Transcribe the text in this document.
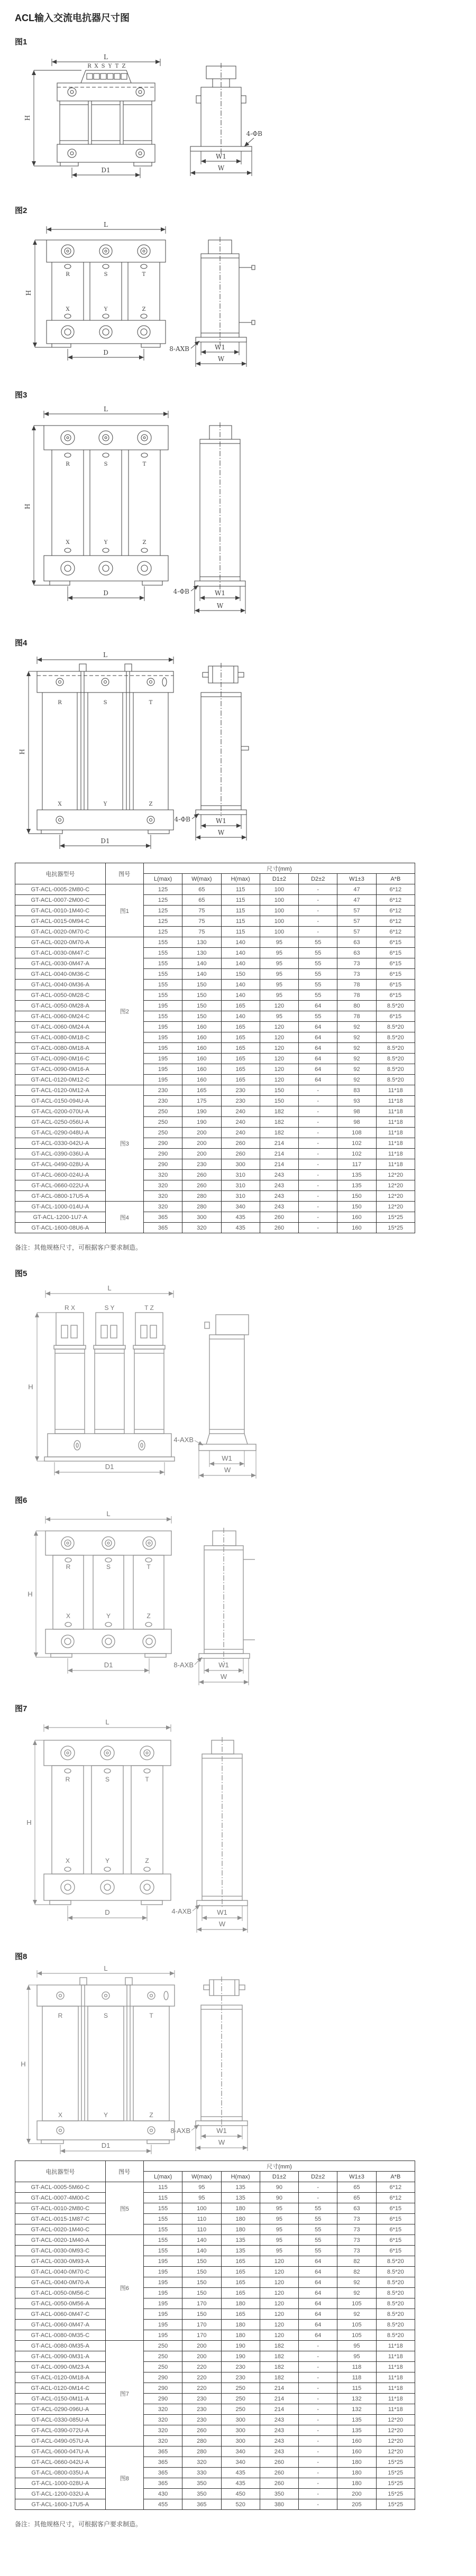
ACL输入交流电抗器尺寸图
图1
L
R X S Y T Z
D1
H
4-ΦB
W1
W
图2
L
R	S	T
X	Y	Z
H
D	8-AXB	W1
W
图3
L
R	S	T
X	Y	Z
H
D	4-ΦB	W1
W
图4
L
R	S	T
X	Y	Z
H
D1
4-ΦB	W1
W
电抗器型号	图号	尺寸(mm)						
		L(max)	W(max)	H(max)	D1±2	D2±2	W1±3	A*B
GT-ACL-0005-2M80-C	图1	125	65	115	100	-	47	6*12
GT-ACL-0007-2M00-C		125	65	115	100	-	47	6*12
GT-ACL-0010-1M40-C		125	75	115	100	-	57	6*12
GT-ACL-0015-0M94-C		125	75	115	100	-	57	6*12
GT-ACL-0020-0M70-C		125	75	115	100	-	57	6*12
GT-ACL-0020-0M70-A	图2	155	130	140	95	55	63	6*15
GT-ACL-0030-0M47-C		155	130	140	95	55	63	6*15
GT-ACL-0030-0M47-A		155	140	140	95	55	73	6*15
GT-ACL-0040-0M36-C		155	140	150	95	55	73	6*15
GT-ACL-0040-0M36-A		155	150	140	95	55	78	6*15
GT-ACL-0050-0M28-C		155	150	140	95	55	78	6*15
GT-ACL-0050-0M28-A		195	150	165	120	64	80	8.5*20
GT-ACL-0060-0M24-C		155	150	140	95	55	78	6*15
GT-ACL-0060-0M24-A		195	160	165	120	64	92	8.5*20
GT-ACL-0080-0M18-C		195	160	165	120	64	92	8.5*20
GT-ACL-0080-0M18-A		195	160	165	120	64	92	8.5*20
GT-ACL-0090-0M16-C		195	160	165	120	64	92	8.5*20
GT-ACL-0090-0M16-A		195	160	165	120	64	92	8.5*20
GT-ACL-0120-0M12-C		195	160	165	120	64	92	8.5*20
GT-ACL-0120-0M12-A	图3	230	165	230	150	-	83	11*18
GT-ACL-0150-094U-A		230	175	230	150	-	93	11*18
GT-ACL-0200-070U-A		250	190	240	182	-	98	11*18
GT-ACL-0250-056U-A		250	190	240	182	-	98	11*18
GT-ACL-0290-048U-A		250	200	240	182	-	108	11*18
GT-ACL-0330-042U-A		290	200	260	214	-	102	11*18
GT-ACL-0390-036U-A		290	200	260	214	-	102	11*18
GT-ACL-0490-028U-A		290	230	300	214	-	117	11*18
GT-ACL-0600-024U-A		320	260	310	243	-	135	12*20
GT-ACL-0660-022U-A		320	260	310	243	-	135	12*20
GT-ACL-0800-17U5-A		320	280	310	243	-	150	12*20
GT-ACL-1000-014U-A	图4	320	280	340	243	-	150	12*20
GT-ACL-1200-1U7-A		365	300	435	260	-	160	15*25
GT-ACL-1600-08U6-A		365	320	435	260	-	160	15*25
备注：其他规格尺寸，可根据客户要求制造。
图5
L
R X	S Y	T Z
H
D1
4-AXB
W1
W
图6
L
R	S	T
X	Y	Z
H
D1	8-AXB	W1
W
图7
L
R	S	T
X	Y	Z
H
D	4-AXB	W1
W
图8
L
R	S	T
X	Y	Z
H
D1
8-AXB	W1
W
电抗器型号	图号	尺寸(mm)						
		L(max)	W(max)	H(max)	D1±2	D2±2	W1±3	A*B
GT-ACL-0005-5M60-C	图5	115	95	135	90	-	65	6*12
GT-ACL-0007-4M00-C		115	95	135	90	-	65	6*12
GT-ACL-0010-2M80-C		155	100	180	95	55	63	6*15
GT-ACL-0015-1M87-C		155	110	180	95	55	73	6*15
GT-ACL-0020-1M40-C		155	110	180	95	55	73	6*15
GT-ACL-0020-1M40-A	图6	155	140	135	95	55	73	6*15
GT-ACL-0030-0M93-C		155	140	135	95	55	73	6*15
GT-ACL-0030-0M93-A		195	150	165	120	64	82	8.5*20
GT-ACL-0040-0M70-C		195	150	165	120	64	82	8.5*20
GT-ACL-0040-0M70-A		195	150	165	120	64	92	8.5*20
GT-ACL-0050-0M56-C		195	150	165	120	64	92	8.5*20
GT-ACL-0050-0M56-A		195	170	180	120	64	105	8.5*20
GT-ACL-0060-0M47-C		195	150	165	120	64	92	8.5*20
GT-ACL-0060-0M47-A		195	170	180	120	64	105	8.5*20
GT-ACL-0080-0M35-C		195	170	180	120	64	105	8.5*20
GT-ACL-0080-0M35-A	图7	250	200	190	182	-	95	11*18
GT-ACL-0090-0M31-A		250	200	190	182	-	95	11*18
GT-ACL-0090-0M23-A		250	220	230	182	-	118	11*18
GT-ACL-0120-0M18-A		290	220	230	182	-	118	11*18
GT-ACL-0120-0M14-C		290	220	250	214	-	115	11*18
GT-ACL-0150-0M11-A		290	230	250	214	-	132	11*18
GT-ACL-0290-096U-A		320	230	250	214	-	132	11*18
GT-ACL-0330-085U-A		320	230	300	243	-	135	12*20
GT-ACL-0390-072U-A		320	260	300	243	-	135	12*20
GT-ACL-0490-057U-A		320	280	300	243	-	160	12*20
GT-ACL-0600-047U-A	图8	365	280	340	243	-	160	12*20
GT-ACL-0660-042U-A		365	320	340	260	-	180	15*25
GT-ACL-0800-035U-A		365	330	435	260	-	180	15*25
GT-ACL-1000-028U-A		365	350	435	260	-	180	15*25
GT-ACL-1200-032U-A		430	350	450	350	-	200	15*25
GT-ACL-1600-17U5-A		455	365	520	380	-	205	15*25
备注：其他规格尺寸，可根据客户要求制造。
